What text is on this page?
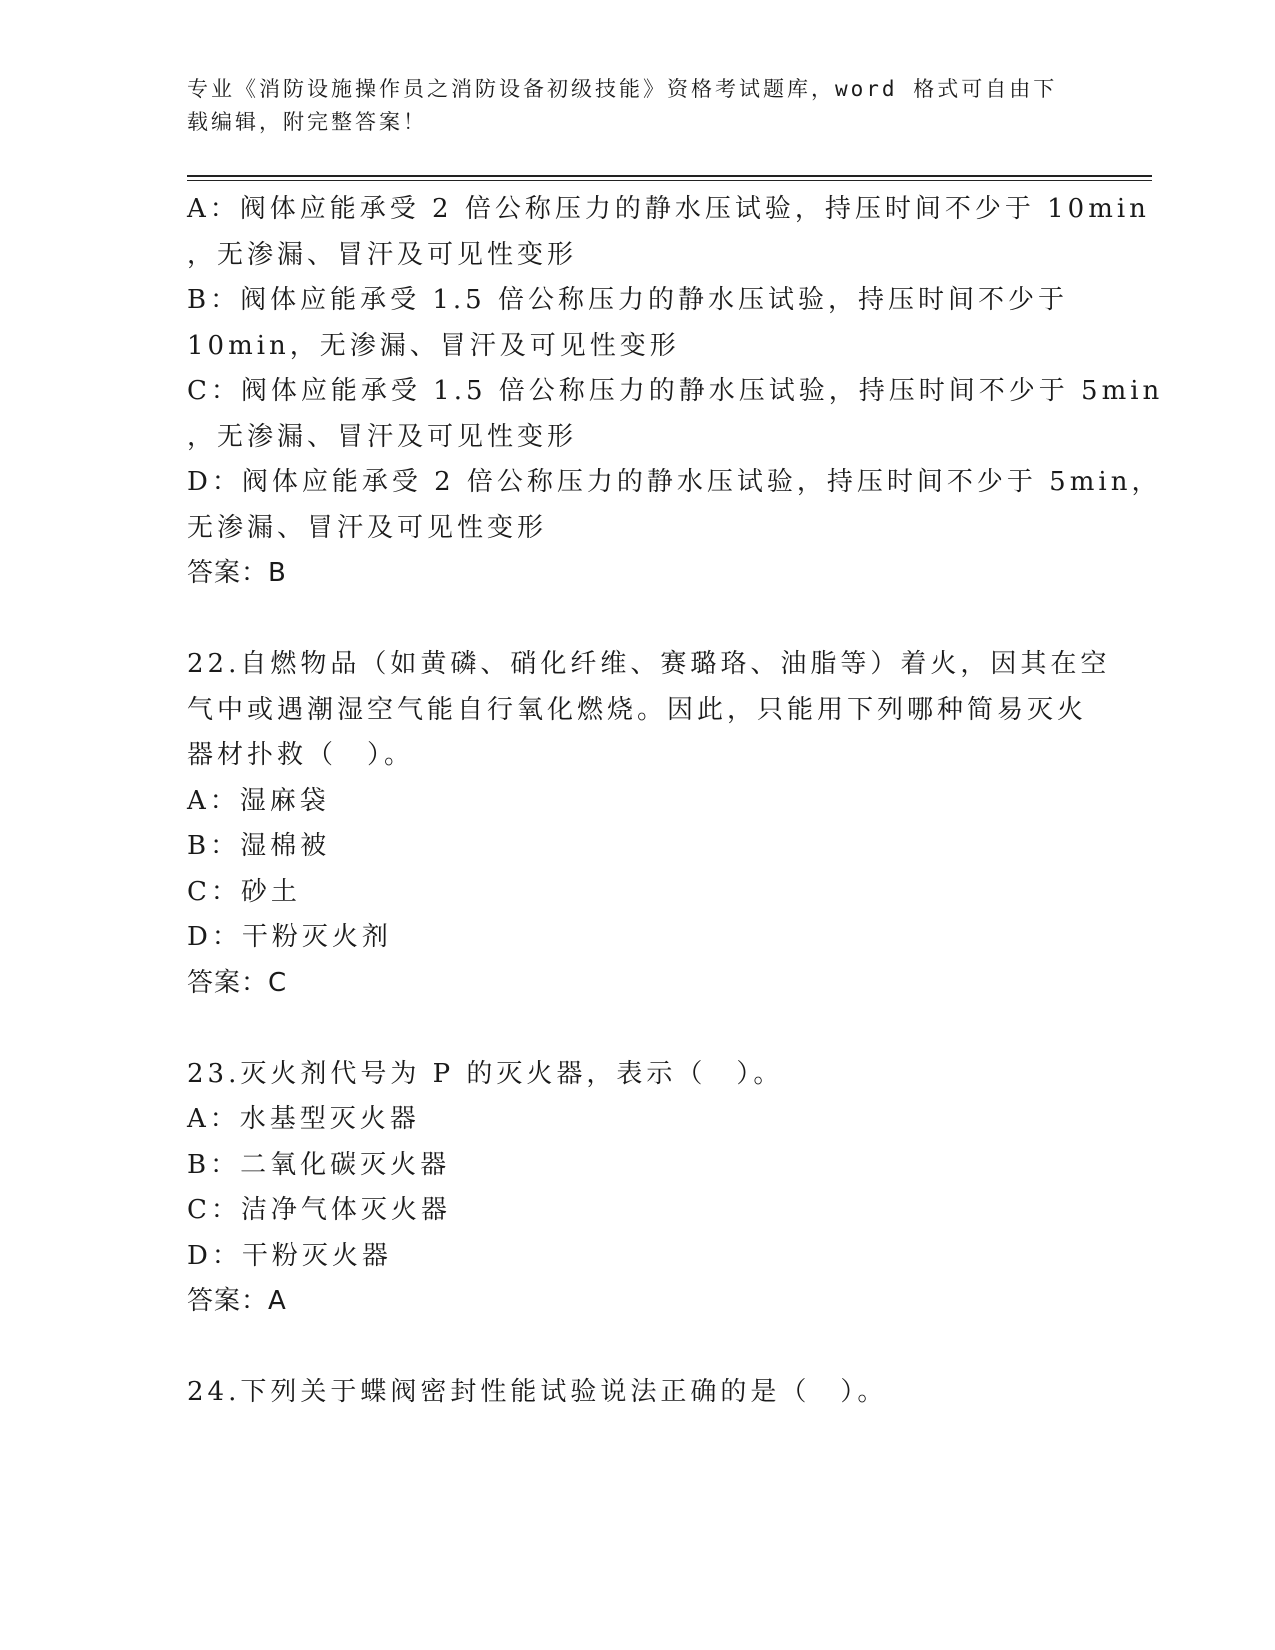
专业《消防设施操作员之消防设备初级技能》资格考试题库，word 格式可自由下
载编辑，附完整答案！
A：阀体应能承受 2 倍公称压力的静水压试验，持压时间不少于 10min
，无渗漏、冒汗及可见性变形
B：阀体应能承受 1.5 倍公称压力的静水压试验，持压时间不少于
10min，无渗漏、冒汗及可见性变形
C：阀体应能承受 1.5 倍公称压力的静水压试验，持压时间不少于 5min
，无渗漏、冒汗及可见性变形
D：阀体应能承受 2 倍公称压力的静水压试验，持压时间不少于 5min，
无渗漏、冒汗及可见性变形
答案：B
22.自燃物品（如黄磷、硝化纤维、赛璐珞、油脂等）着火，因其在空
气中或遇潮湿空气能自行氧化燃烧。因此，只能用下列哪种简易灭火
器材扑救（　）。
A：湿麻袋
B：湿棉被
C：砂土
D：干粉灭火剂
答案：C
23.灭火剂代号为 P 的灭火器，表示（　）。
A：水基型灭火器
B：二氧化碳灭火器
C：洁净气体灭火器
D：干粉灭火器
答案：A
24.下列关于蝶阀密封性能试验说法正确的是（　）。
